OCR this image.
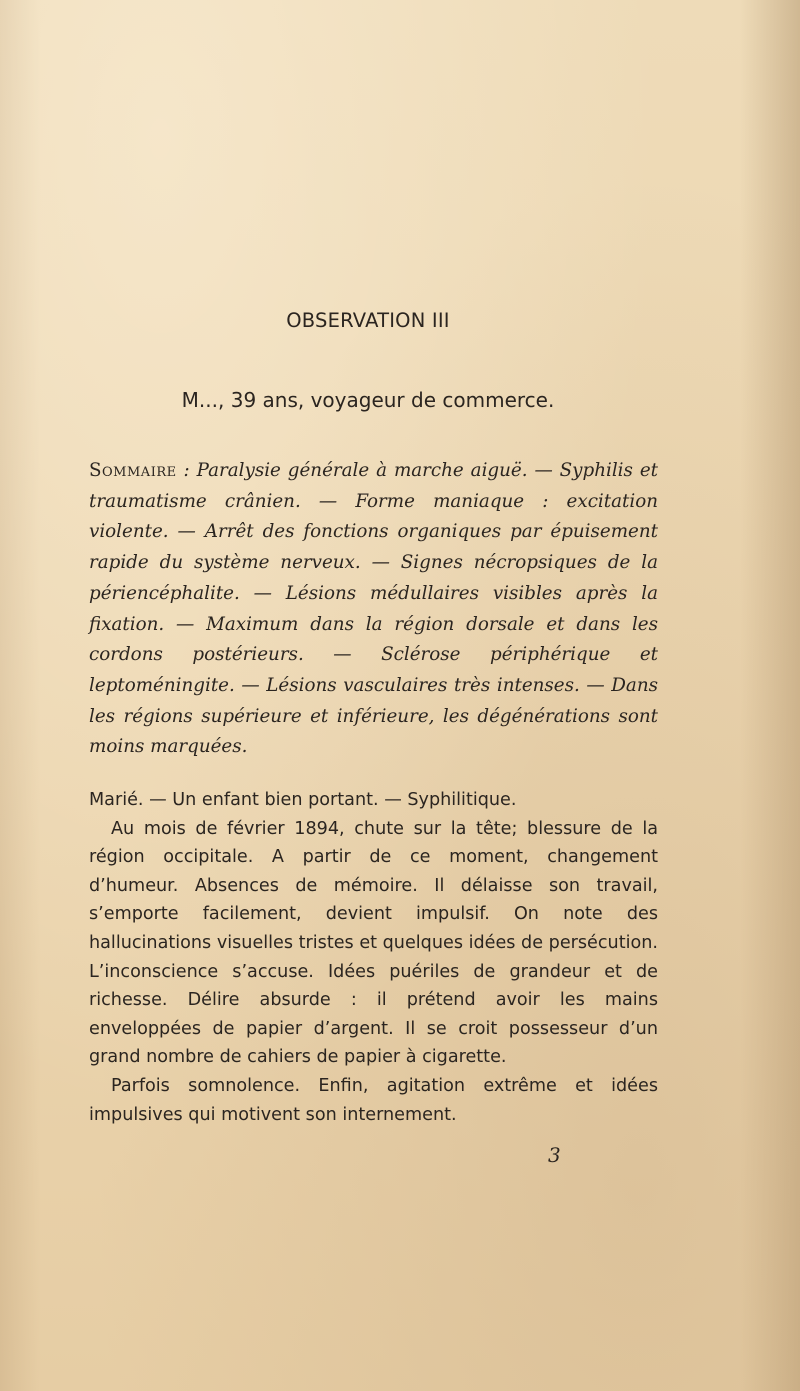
OBSERVATION III

M..., 39 ans, voyageur de commerce.

Sommaire : Paralysie générale à marche aiguë. — Syphilis et traumatisme crânien. — Forme maniaque : excitation violente. — Arrêt des fonctions organiques par épuisement rapide du système nerveux. — Signes nécropsiques de la périencéphalite. — Lésions médullaires visibles après la fixation. — Maximum dans la région dorsale et dans les cordons postérieurs. — Sclérose périphérique et leptoméningite. — Lésions vasculaires très intenses. — Dans les régions supérieure et inférieure, les dégénérations sont moins marquées.

Marié. — Un enfant bien portant. — Syphilitique.

Au mois de février 1894, chute sur la tête; blessure de la région occipitale. A partir de ce moment, changement d’humeur. Absences de mémoire. Il délaisse son travail, s’emporte facilement, devient impulsif. On note des hallucinations visuelles tristes et quelques idées de persécution. L’inconscience s’accuse. Idées puériles de grandeur et de richesse. Délire absurde : il prétend avoir les mains enveloppées de papier d’argent. Il se croit possesseur d’un grand nombre de cahiers de papier à cigarette.

Parfois somnolence. Enfin, agitation extrême et idées impulsives qui motivent son internement.

3
